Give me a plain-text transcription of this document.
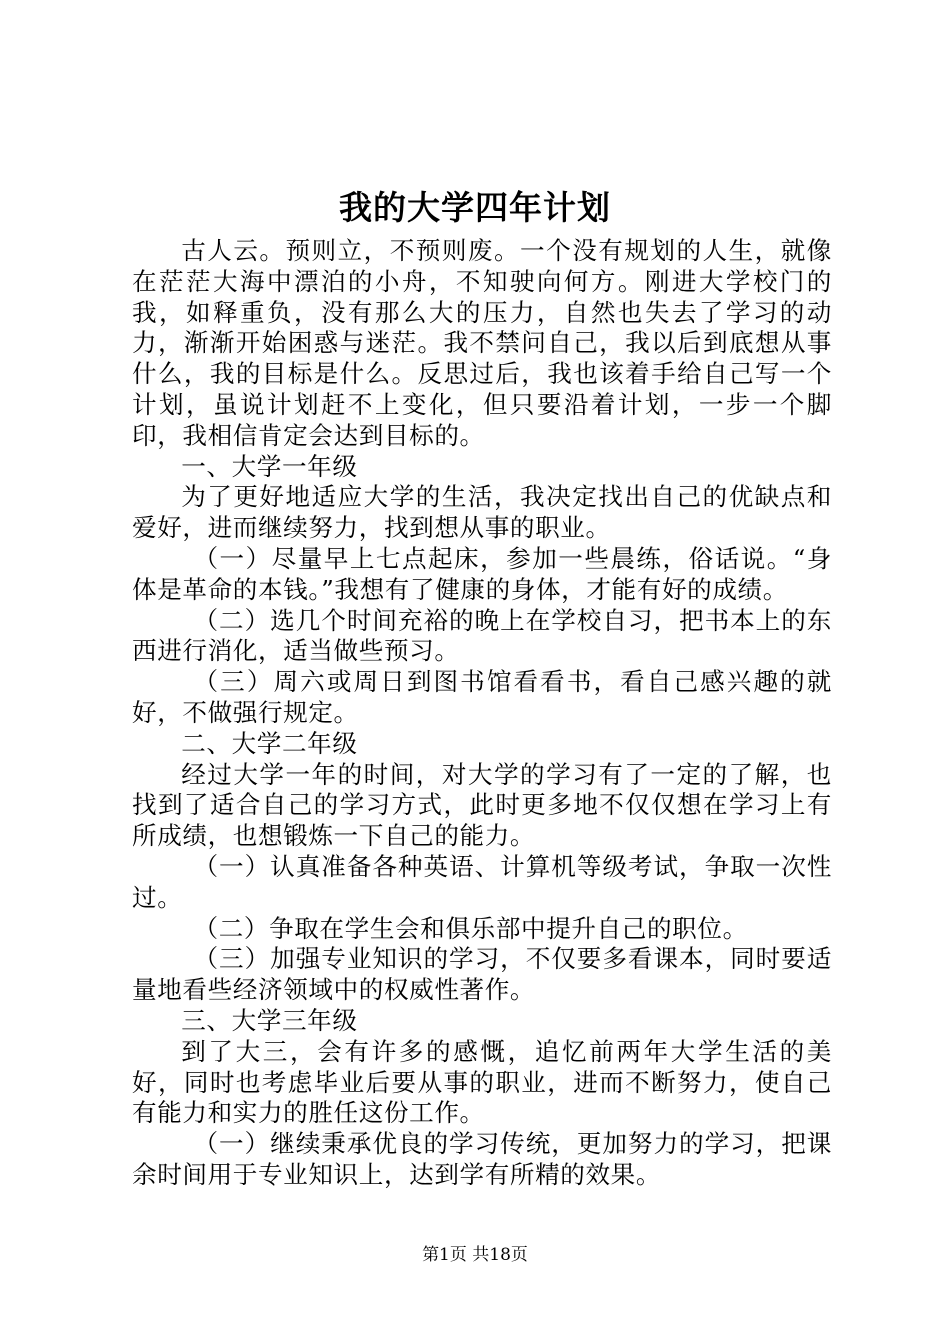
我的大学四年计划

古人云。预则立，不预则废。一个没有规划的人生，就像在茫茫大海中漂泊的小舟，不知驶向何方。刚进大学校门的我，如释重负，没有那么大的压力，自然也失去了学习的动力，渐渐开始困惑与迷茫。我不禁问自己，我以后到底想从事什么，我的目标是什么。反思过后，我也该着手给自己写一个计划，虽说计划赶不上变化，但只要沿着计划，一步一个脚印，我相信肯定会达到目标的。

一、大学一年级

为了更好地适应大学的生活，我决定找出自己的优缺点和爱好，进而继续努力，找到想从事的职业。

（一）尽量早上七点起床，参加一些晨练，俗话说。“身体是革命的本钱。”我想有了健康的身体，才能有好的成绩。

（二）选几个时间充裕的晚上在学校自习，把书本上的东西进行消化，适当做些预习。

（三）周六或周日到图书馆看看书，看自己感兴趣的就好，不做强行规定。

二、大学二年级

经过大学一年的时间，对大学的学习有了一定的了解，也找到了适合自己的学习方式，此时更多地不仅仅想在学习上有所成绩，也想锻炼一下自己的能力。

（一）认真准备各种英语、计算机等级考试，争取一次性过。

（二）争取在学生会和俱乐部中提升自己的职位。

（三）加强专业知识的学习，不仅要多看课本，同时要适量地看些经济领域中的权威性著作。

三、大学三年级

到了大三，会有许多的感慨，追忆前两年大学生活的美好，同时也考虑毕业后要从事的职业，进而不断努力，使自己有能力和实力的胜任这份工作。

（一）继续秉承优良的学习传统，更加努力的学习，把课余时间用于专业知识上，达到学有所精的效果。

第1页 共18页
